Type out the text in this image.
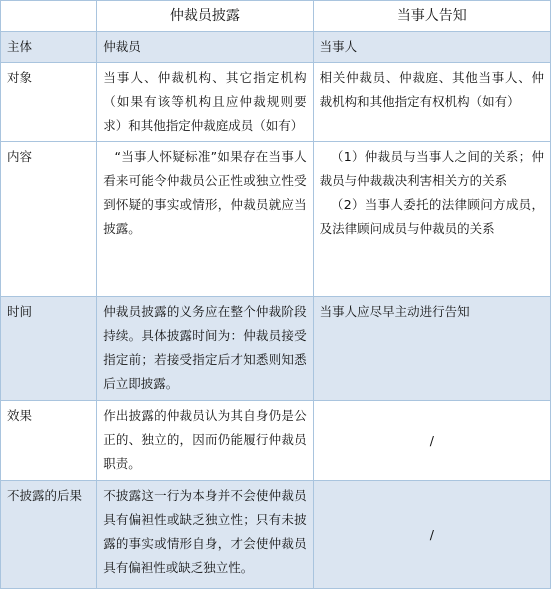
	仲裁员披露	当事人告知
主体	仲裁员	当事人
对象	当事人、仲裁机构、其它指定机构（如果有该等机构且应仲裁规则要求）和其他指定仲裁庭成员（如有）	相关仲裁员、仲裁庭、其他当事人、仲裁机构和其他指定有权机构（如有）
内容	“当事人怀疑标准”如果存在当事人看来可能令仲裁员公正性或独立性受到怀疑的事实或情形，仲裁员就应当披露。	（1）仲裁员与当事人之间的关系；仲裁员与仲裁裁决利害相关方的关系
（2）当事人委托的法律顾问方成员，及法律顾问成员与仲裁员的关系

时间	仲裁员披露的义务应在整个仲裁阶段持续。具体披露时间为：仲裁员接受指定前；若接受指定后才知悉则知悉后立即披露。	当事人应尽早主动进行告知
效果	作出披露的仲裁员认为其自身仍是公正的、独立的，因而仍能履行仲裁员职责。	/
不披露的后果	不披露这一行为本身并不会使仲裁员具有偏袒性或缺乏独立性；只有未披露的事实或情形自身，才会使仲裁员具有偏袒性或缺乏独立性。	/
